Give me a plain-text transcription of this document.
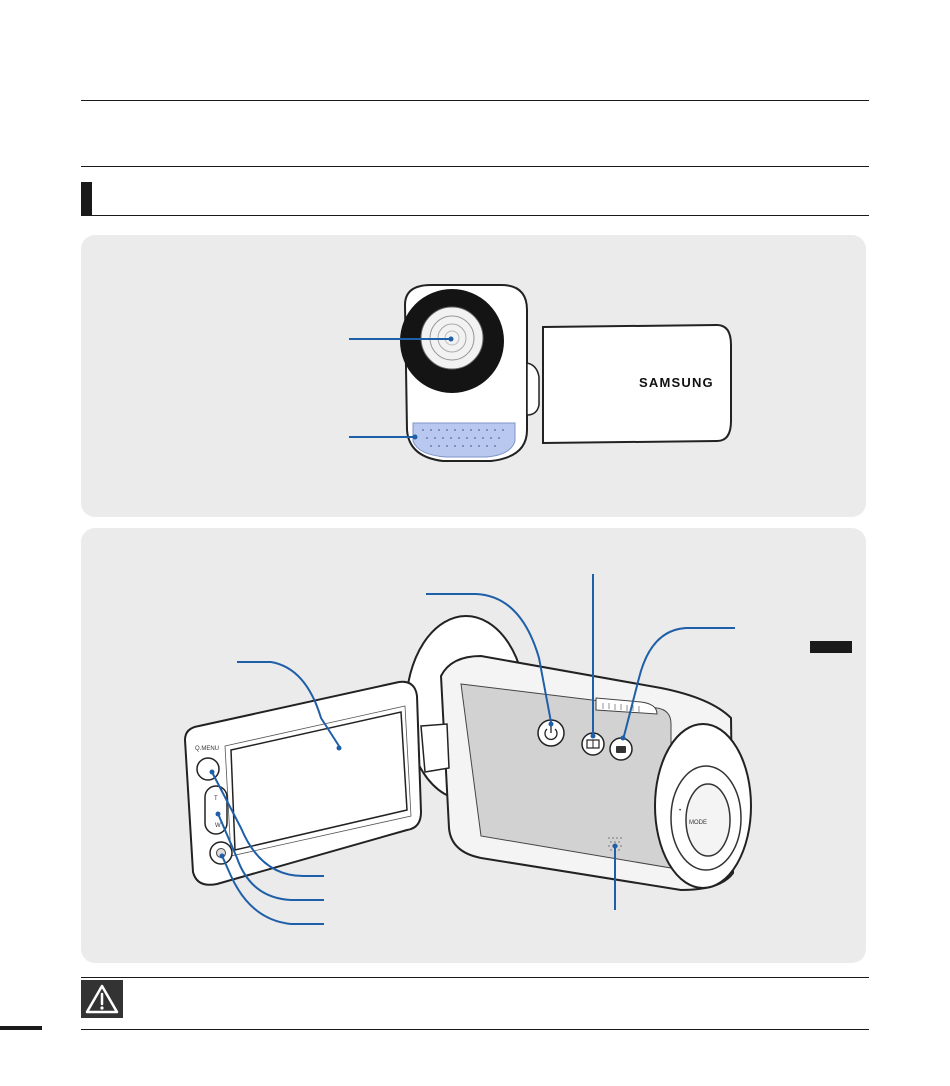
SAMSUNG
MODE
•
Q.MENU
T
W
